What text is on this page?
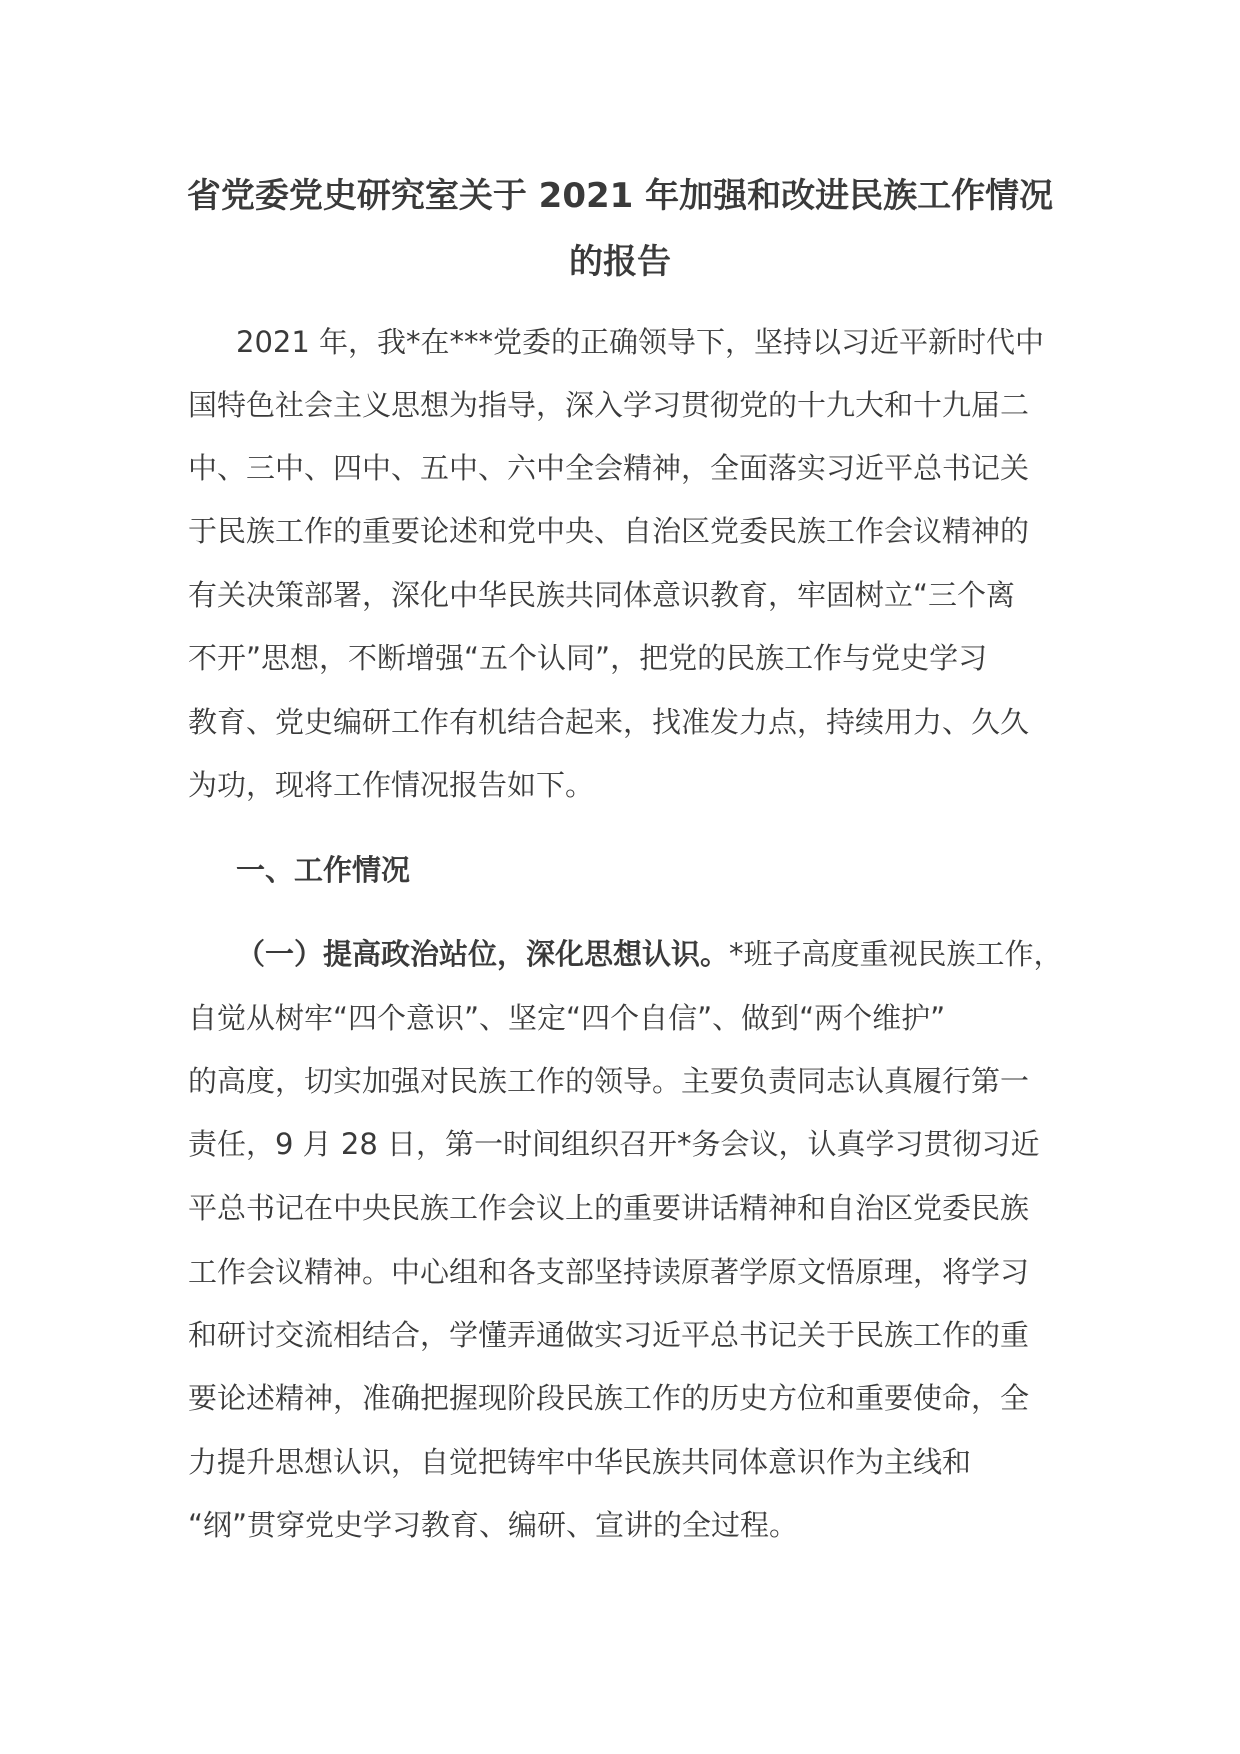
省党委党史研究室关于 2021 年加强和改进民族工作情况
的报告
2021 年，我*在***党委的正确领导下，坚持以习近平新时代中
国特色社会主义思想为指导，深入学习贯彻党的十九大和十九届二
中、三中、四中、五中、六中全会精神，全面落实习近平总书记关
于民族工作的重要论述和党中央、自治区党委民族工作会议精神的
有关决策部署，深化中华民族共同体意识教育，牢固树立“三个离
不开”思想，不断增强“五个认同”，把党的民族工作与党史学习
教育、党史编研工作有机结合起来，找准发力点，持续用力、久久
为功，现将工作情况报告如下。
一、工作情况
（一）提高政治站位，深化思想认识。*班子高度重视民族工作，
自觉从树牢“四个意识”、坚定“四个自信”、做到“两个维护”
的高度，切实加强对民族工作的领导。主要负责同志认真履行第一
责任，9 月 28 日，第一时间组织召开*务会议，认真学习贯彻习近
平总书记在中央民族工作会议上的重要讲话精神和自治区党委民族
工作会议精神。中心组和各支部坚持读原著学原文悟原理，将学习
和研讨交流相结合，学懂弄通做实习近平总书记关于民族工作的重
要论述精神，准确把握现阶段民族工作的历史方位和重要使命，全
力提升思想认识，自觉把铸牢中华民族共同体意识作为主线和
“纲”贯穿党史学习教育、编研、宣讲的全过程。
